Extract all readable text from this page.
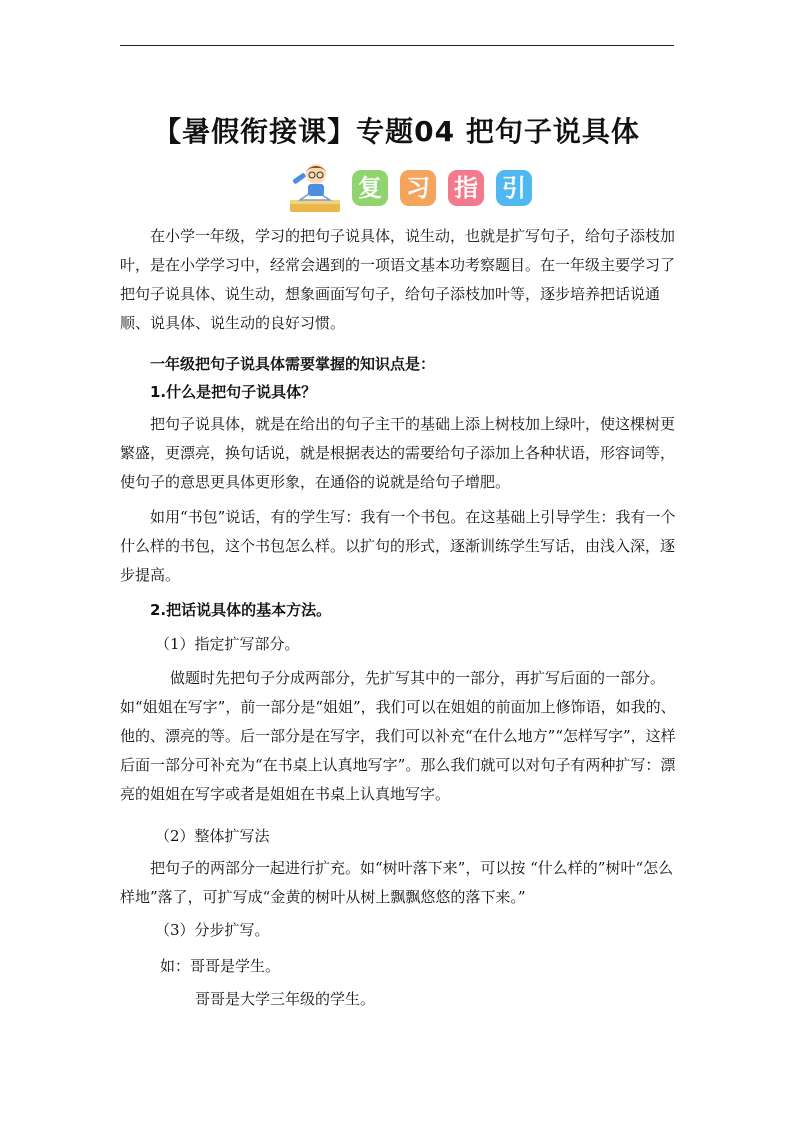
【暑假衔接课】专题04 把句子说具体
复 习 指 引
在小学一年级，学习的把句子说具体，说生动，也就是扩写句子，给句子添枝加叶，是在小学学习中，经常会遇到的一项语文基本功考察题目。在一年级主要学习了把句子说具体、说生动，想象画面写句子，给句子添枝加叶等，逐步培养把话说通顺、说具体、说生动的良好习惯。
一年级把句子说具体需要掌握的知识点是：
1.什么是把句子说具体？
把句子说具体，就是在给出的句子主干的基础上添上树枝加上绿叶，使这棵树更繁盛，更漂亮，换句话说，就是根据表达的需要给句子添加上各种状语，形容词等，使句子的意思更具体更形象，在通俗的说就是给句子增肥。
如用“书包”说话，有的学生写：我有一个书包。在这基础上引导学生：我有一个什么样的书包，这个书包怎么样。以扩句的形式，逐渐训练学生写话，由浅入深，逐步提高。
2.把话说具体的基本方法。
（1）指定扩写部分。
做题时先把句子分成两部分，先扩写其中的一部分，再扩写后面的一部分。如“姐姐在写字”，前一部分是“姐姐”，我们可以在姐姐的前面加上修饰语，如我的、他的、漂亮的等。后一部分是在写字，我们可以补充“在什么地方”“怎样写字”，这样后面一部分可补充为“在书桌上认真地写字”。那么我们就可以对句子有两种扩写：漂亮的姐姐在写字或者是姐姐在书桌上认真地写字。
（2）整体扩写法
把句子的两部分一起进行扩充。如“树叶落下来”，可以按 “什么样的”树叶“怎么样地”落了，可扩写成“金黄的树叶从树上飘飘悠悠的落下来。”
（3）分步扩写。
如：哥哥是学生。
哥哥是大学三年级的学生。
